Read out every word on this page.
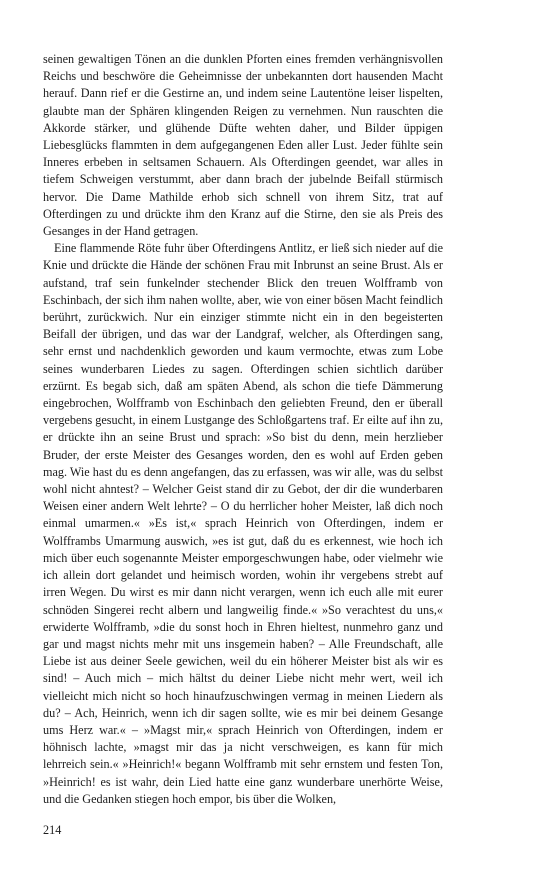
seinen gewaltigen Tönen an die dunklen Pforten eines fremden verhängnisvollen Reichs und beschwöre die Geheimnisse der unbekannten dort hausenden Macht herauf. Dann rief er die Gestirne an, und indem seine Lautentöne leiser lispelten, glaubte man der Sphären klingenden Reigen zu vernehmen. Nun rauschten die Akkorde stärker, und glühende Düfte wehten daher, und Bilder üppigen Liebesglücks flammten in dem aufgegangenen Eden aller Lust. Jeder fühlte sein Inneres erbeben in seltsamen Schauern. Als Ofterdingen geendet, war alles in tiefem Schweigen verstummt, aber dann brach der jubelnde Beifall stürmisch hervor. Die Dame Mathilde erhob sich schnell von ihrem Sitz, trat auf Ofterdingen zu und drückte ihm den Kranz auf die Stirne, den sie als Preis des Gesanges in der Hand getragen.

Eine flammende Röte fuhr über Ofterdingens Antlitz, er ließ sich nieder auf die Knie und drückte die Hände der schönen Frau mit Inbrunst an seine Brust. Als er aufstand, traf sein funkelnder stechender Blick den treuen Wolfframb von Eschinbach, der sich ihm nahen wollte, aber, wie von einer bösen Macht feindlich berührt, zurückwich. Nur ein einziger stimmte nicht ein in den begeisterten Beifall der übrigen, und das war der Landgraf, welcher, als Ofterdingen sang, sehr ernst und nachdenklich geworden und kaum vermochte, etwas zum Lobe seines wunderbaren Liedes zu sagen. Ofterdingen schien sichtlich darüber erzürnt. Es begab sich, daß am späten Abend, als schon die tiefe Dämmerung eingebrochen, Wolfframb von Eschinbach den geliebten Freund, den er überall vergebens gesucht, in einem Lustgange des Schloßgartens traf. Er eilte auf ihn zu, er drückte ihn an seine Brust und sprach: »So bist du denn, mein herzlieber Bruder, der erste Meister des Gesanges worden, den es wohl auf Erden geben mag. Wie hast du es denn angefangen, das zu erfassen, was wir alle, was du selbst wohl nicht ahntest? – Welcher Geist stand dir zu Gebot, der dir die wunderbaren Weisen einer andern Welt lehrte? – O du herrlicher hoher Meister, laß dich noch einmal umarmen.« »Es ist,« sprach Heinrich von Ofterdingen, indem er Wolfframbs Umarmung auswich, »es ist gut, daß du es erkennest, wie hoch ich mich über euch sogenannte Meister emporgeschwungen habe, oder vielmehr wie ich allein dort gelandet und heimisch worden, wohin ihr vergebens strebt auf irren Wegen. Du wirst es mir dann nicht verargen, wenn ich euch alle mit eurer schnöden Singerei recht albern und langweilig finde.« »So verachtest du uns,« erwiderte Wolfframb, »die du sonst hoch in Ehren hieltest, nunmehro ganz und gar und magst nichts mehr mit uns insgemein haben? – Alle Freundschaft, alle Liebe ist aus deiner Seele gewichen, weil du ein höherer Meister bist als wir es sind! – Auch mich – mich hältst du deiner Liebe nicht mehr wert, weil ich vielleicht mich nicht so hoch hinaufzuschwingen vermag in meinen Liedern als du? – Ach, Heinrich, wenn ich dir sagen sollte, wie es mir bei deinem Gesange ums Herz war.« – »Magst mir,« sprach Heinrich von Ofterdingen, indem er höhnisch lachte, »magst mir das ja nicht verschweigen, es kann für mich lehrreich sein.« »Heinrich!« begann Wolfframb mit sehr ernstem und festen Ton, »Heinrich! es ist wahr, dein Lied hatte eine ganz wunderbare unerhörte Weise, und die Gedanken stiegen hoch empor, bis über die Wolken,

214
